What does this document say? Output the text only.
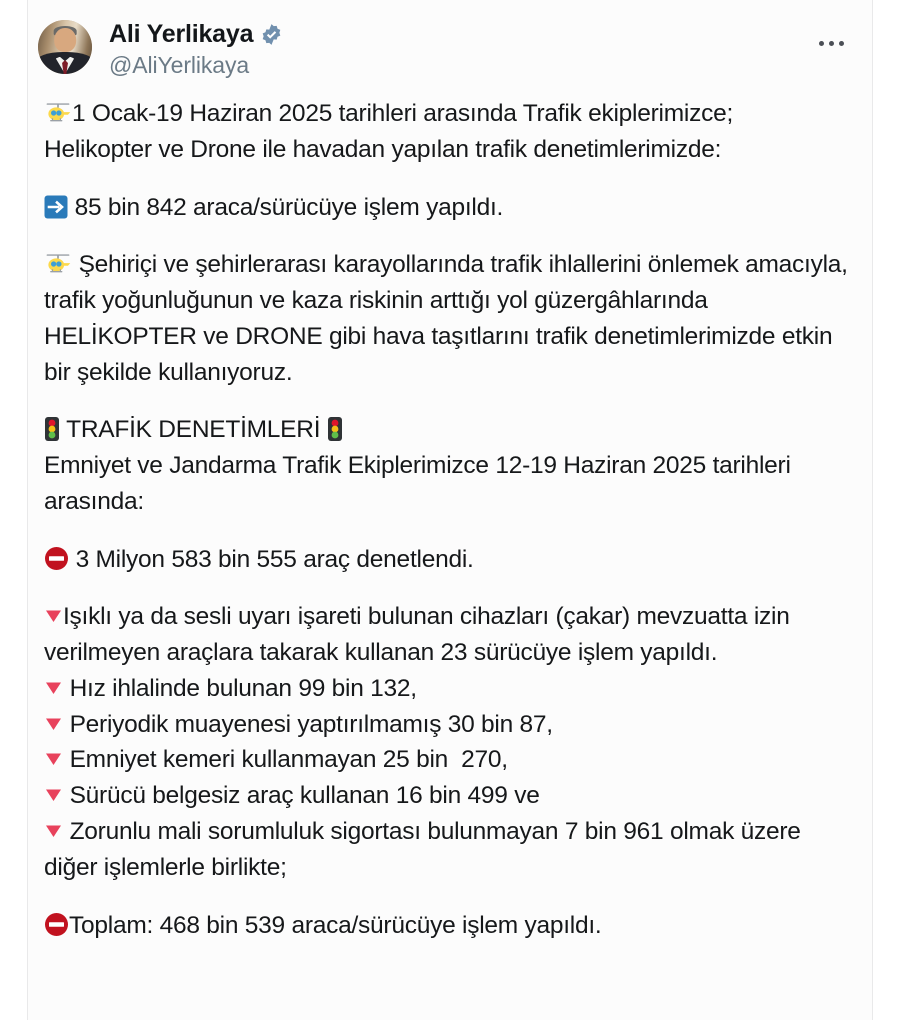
Ali Yerlikaya
@AliYerlikaya

1 Ocak-19 Haziran 2025 tarihleri arasında Trafik ekiplerimizce;

Helikopter ve Drone ile havadan yapılan trafik denetimlerimizde:

85 bin 842 araca/sürücüye işlem yapıldı.

Şehiriçi ve şehirlerarası karayollarında trafik ihlallerini önlemek amacıyla, trafik yoğunluğunun ve kaza riskinin arttığı yol güzergâhlarında HELİKOPTER ve DRONE gibi hava taşıtlarını trafik denetimlerimizde etkin bir şekilde kullanıyoruz.

TRAFİK DENETİMLERİ

Emniyet ve Jandarma Trafik Ekiplerimizce 12-19 Haziran 2025 tarihleri arasında:

3 Milyon 583 bin 555 araç denetlendi.

Işıklı ya da sesli uyarı işareti bulunan cihazları (çakar) mevzuatta izin verilmeyen araçlara takarak kullanan 23 sürücüye işlem yapıldı.

Hız ihlalinde bulunan 99 bin 132,

Periyodik muayenesi yaptırılmamış 30 bin 87,

Emniyet kemeri kullanmayan 25 bin  270,

Sürücü belgesiz araç kullanan 16 bin 499 ve

Zorunlu mali sorumluluk sigortası bulunmayan 7 bin 961 olmak üzere diğer işlemlerle birlikte;

Toplam: 468 bin 539 araca/sürücüye işlem yapıldı.
